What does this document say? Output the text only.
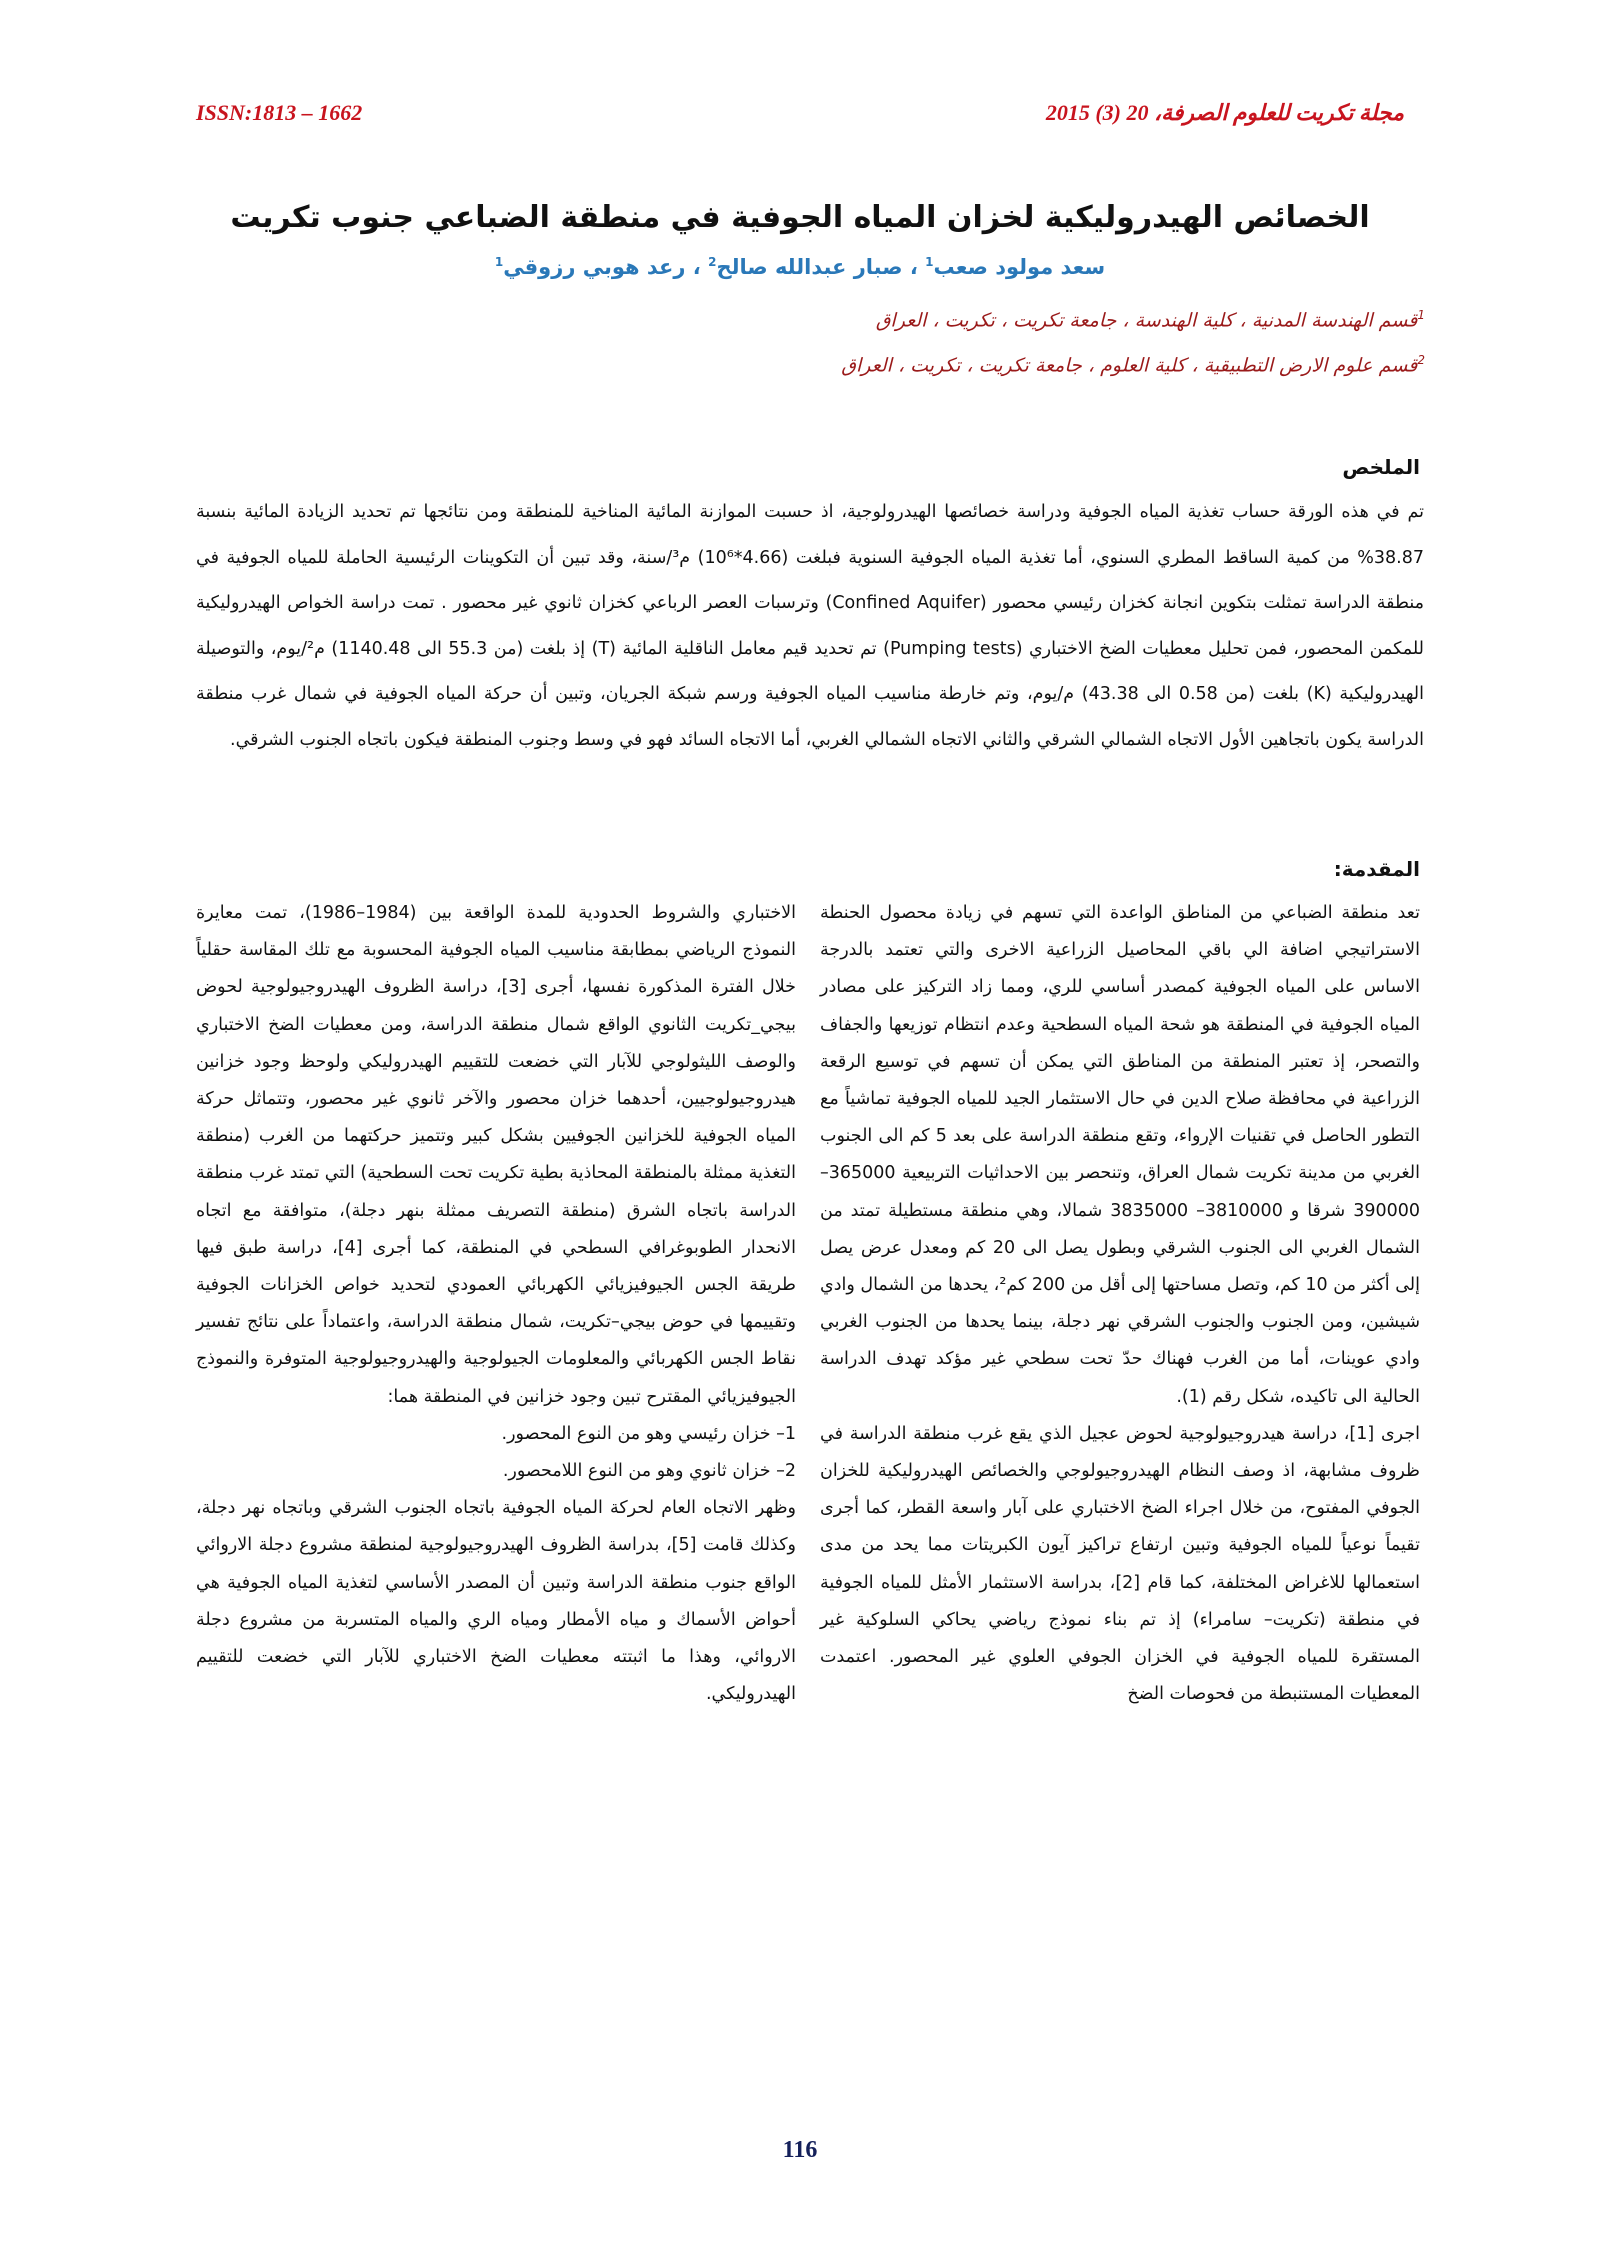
ISSN:1813 – 1662	مجلة تكريت للعلوم الصرفة، 20 (3) 2015
الخصائص الهيدروليكية لخزان المياه الجوفية في منطقة الضباعي جنوب تكريت
سعد مولود صعب$^1$ ، صبار عبدالله صالح$^2$ ، رعد هوبي رزوقي$^1$
$^1$قسم الهندسة المدنية ، كلية الهندسة ، جامعة تكريت ، تكريت ، العراق
$^2$قسم علوم الارض التطبيقية ، كلية العلوم ، جامعة تكريت ، تكريت ، العراق
الملخص

تم في هذه الورقة حساب تغذية المياه الجوفية ودراسة خصائصها الهيدرولوجية، اذ حسبت الموازنة المائية المناخية للمنطقة ومن نتائجها تم تحديد الزيادة المائية بنسبة 38.87% من كمية الساقط المطري السنوي، أما تغذية المياه الجوفية السنوية فبلغت (4.66*10⁶) م³/سنة، وقد تبين أن التكوينات الرئيسية الحاملة للمياه الجوفية في منطقة الدراسة تمثلت بتكوين انجانة كخزان رئيسي محصور (Confined Aquifer) وترسبات العصر الرباعي كخزان ثانوي غير محصور . تمت دراسة الخواص الهيدروليكية للمكمن المحصور، فمن تحليل معطيات الضخ الاختباري (Pumping tests) تم تحديد قيم معامل الناقلية المائية (T) إذ بلغت (من 55.3 الى 1140.48) م²/يوم، والتوصيلة الهيدروليكية (K) بلغت (من 0.58 الى 43.38) م/يوم، وتم خارطة مناسيب المياه الجوفية ورسم شبكة الجريان، وتبين أن حركة المياه الجوفية في شمال غرب منطقة الدراسة يكون باتجاهين الأول الاتجاه الشمالي الشرقي والثاني الاتجاه الشمالي الغربي، أما الاتجاه السائد فهو في وسط وجنوب المنطقة فيكون باتجاه الجنوب الشرقي.

المقدمة:

تعد منطقة الضباعي من المناطق الواعدة التي تسهم في زيادة محصول الحنطة الاستراتيجي اضافة الي باقي المحاصيل الزراعية الاخرى والتي تعتمد بالدرجة الاساس على المياه الجوفية كمصدر أساسي للري، ومما زاد التركيز على مصادر المياه الجوفية في المنطقة هو شحة المياه السطحية وعدم انتظام توزيعها والجفاف والتصحر، إذ تعتبر المنطقة من المناطق التي يمكن أن تسهم في توسيع الرقعة الزراعية في محافظة صلاح الدين في حال الاستثمار الجيد للمياه الجوفية تماشياً مع التطور الحاصل في تقنيات الإرواء، وتقع منطقة الدراسة على بعد 5 كم الى الجنوب الغربي من مدينة تكريت شمال العراق، وتنحصر بين الاحداثيات التربيعية 365000– 390000 شرقا و 3810000– 3835000 شمالا، وهي منطقة مستطيلة تمتد من الشمال الغربي الى الجنوب الشرقي وبطول يصل الى 20 كم ومعدل عرض يصل إلى أكثر من 10 كم، وتصل مساحتها إلى أقل من 200 كم²، يحدها من الشمال وادي شيشين، ومن الجنوب والجنوب الشرقي نهر دجلة، بينما يحدها من الجنوب الغربي وادي عوينات، أما من الغرب فهناك حدّ تحت سطحي غير مؤكد تهدف الدراسة الحالية الى تاكيده، شكل رقم (1).

اجرى [1]، دراسة هيدروجيولوجية لحوض عجيل الذي يقع غرب منطقة الدراسة في ظروف مشابهة، اذ وصف النظام الهيدروجيولوجي والخصائص الهيدروليكية للخزان الجوفي المفتوح، من خلال اجراء الضخ الاختباري على آبار واسعة القطر، كما أجرى تقيماً نوعياً للمياه الجوفية وتبين ارتفاع تراكيز آيون الكبريتات مما يحد من مدى استعمالها للاغراض المختلفة، كما قام [2]، بدراسة الاستثمار الأمثل للمياه الجوفية في منطقة (تكريت– سامراء) إذ تم بناء نموذج رياضي يحاكي السلوكية غير المستقرة للمياه الجوفية في الخزان الجوفي العلوي غير المحصور. اعتمدت المعطيات المستنبطة من فحوصات الضخ

الاختباري والشروط الحدودية للمدة الواقعة بين (1984–1986)، تمت معايرة النموذج الرياضي بمطابقة مناسيب المياه الجوفية المحسوبة مع تلك المقاسة حقلياً خلال الفترة المذكورة نفسها، أجرى [3]، دراسة الظروف الهيدروجيولوجية لحوض بيجي_تكريت الثانوي الواقع شمال منطقة الدراسة، ومن معطيات الضخ الاختباري والوصف الليثولوجي للآبار التي خضعت للتقييم الهيدروليكي ولوحظ وجود خزانين هيدروجيولوجيين، أحدهما خزان محصور والآخر ثانوي غير محصور، وتتماثل حركة المياه الجوفية للخزانين الجوفيين بشكل كبير وتتميز حركتهما من الغرب (منطقة التغذية ممثلة بالمنطقة المحاذية بطية تكريت تحت السطحية) التي تمتد غرب منطقة الدراسة باتجاه الشرق (منطقة التصريف ممثلة بنهر دجلة)، متوافقة مع اتجاه الانحدار الطوبوغرافي السطحي في المنطقة، كما أجرى [4]، دراسة طبق فيها طريقة الجس الجيوفيزيائي الكهربائي العمودي لتحديد خواص الخزانات الجوفية وتقييمها في حوض بيجي–تكريت، شمال منطقة الدراسة، واعتماداً على نتائج تفسير نقاط الجس الكهربائي والمعلومات الجيولوجية والهيدروجيولوجية المتوفرة والنموذج الجيوفيزيائي المقترح تبين وجود خزانين في المنطقة هما:

1– خزان رئيسي وهو من النوع المحصور.

2– خزان ثانوي وهو من النوع اللامحصور.

وظهر الاتجاه العام لحركة المياه الجوفية باتجاه الجنوب الشرقي وباتجاه نهر دجلة، وكذلك قامت [5]، بدراسة الظروف الهيدروجيولوجية لمنطقة مشروع دجلة الاروائي الواقع جنوب منطقة الدراسة وتبين أن المصدر الأساسي لتغذية المياه الجوفية هي أحواض الأسماك و مياه الأمطار ومياه الري والمياه المتسربة من مشروع دجلة الاروائي، وهذا ما اثبتته معطيات الضخ الاختباري للآبار التي خضعت للتقييم الهيدروليكي.

116
